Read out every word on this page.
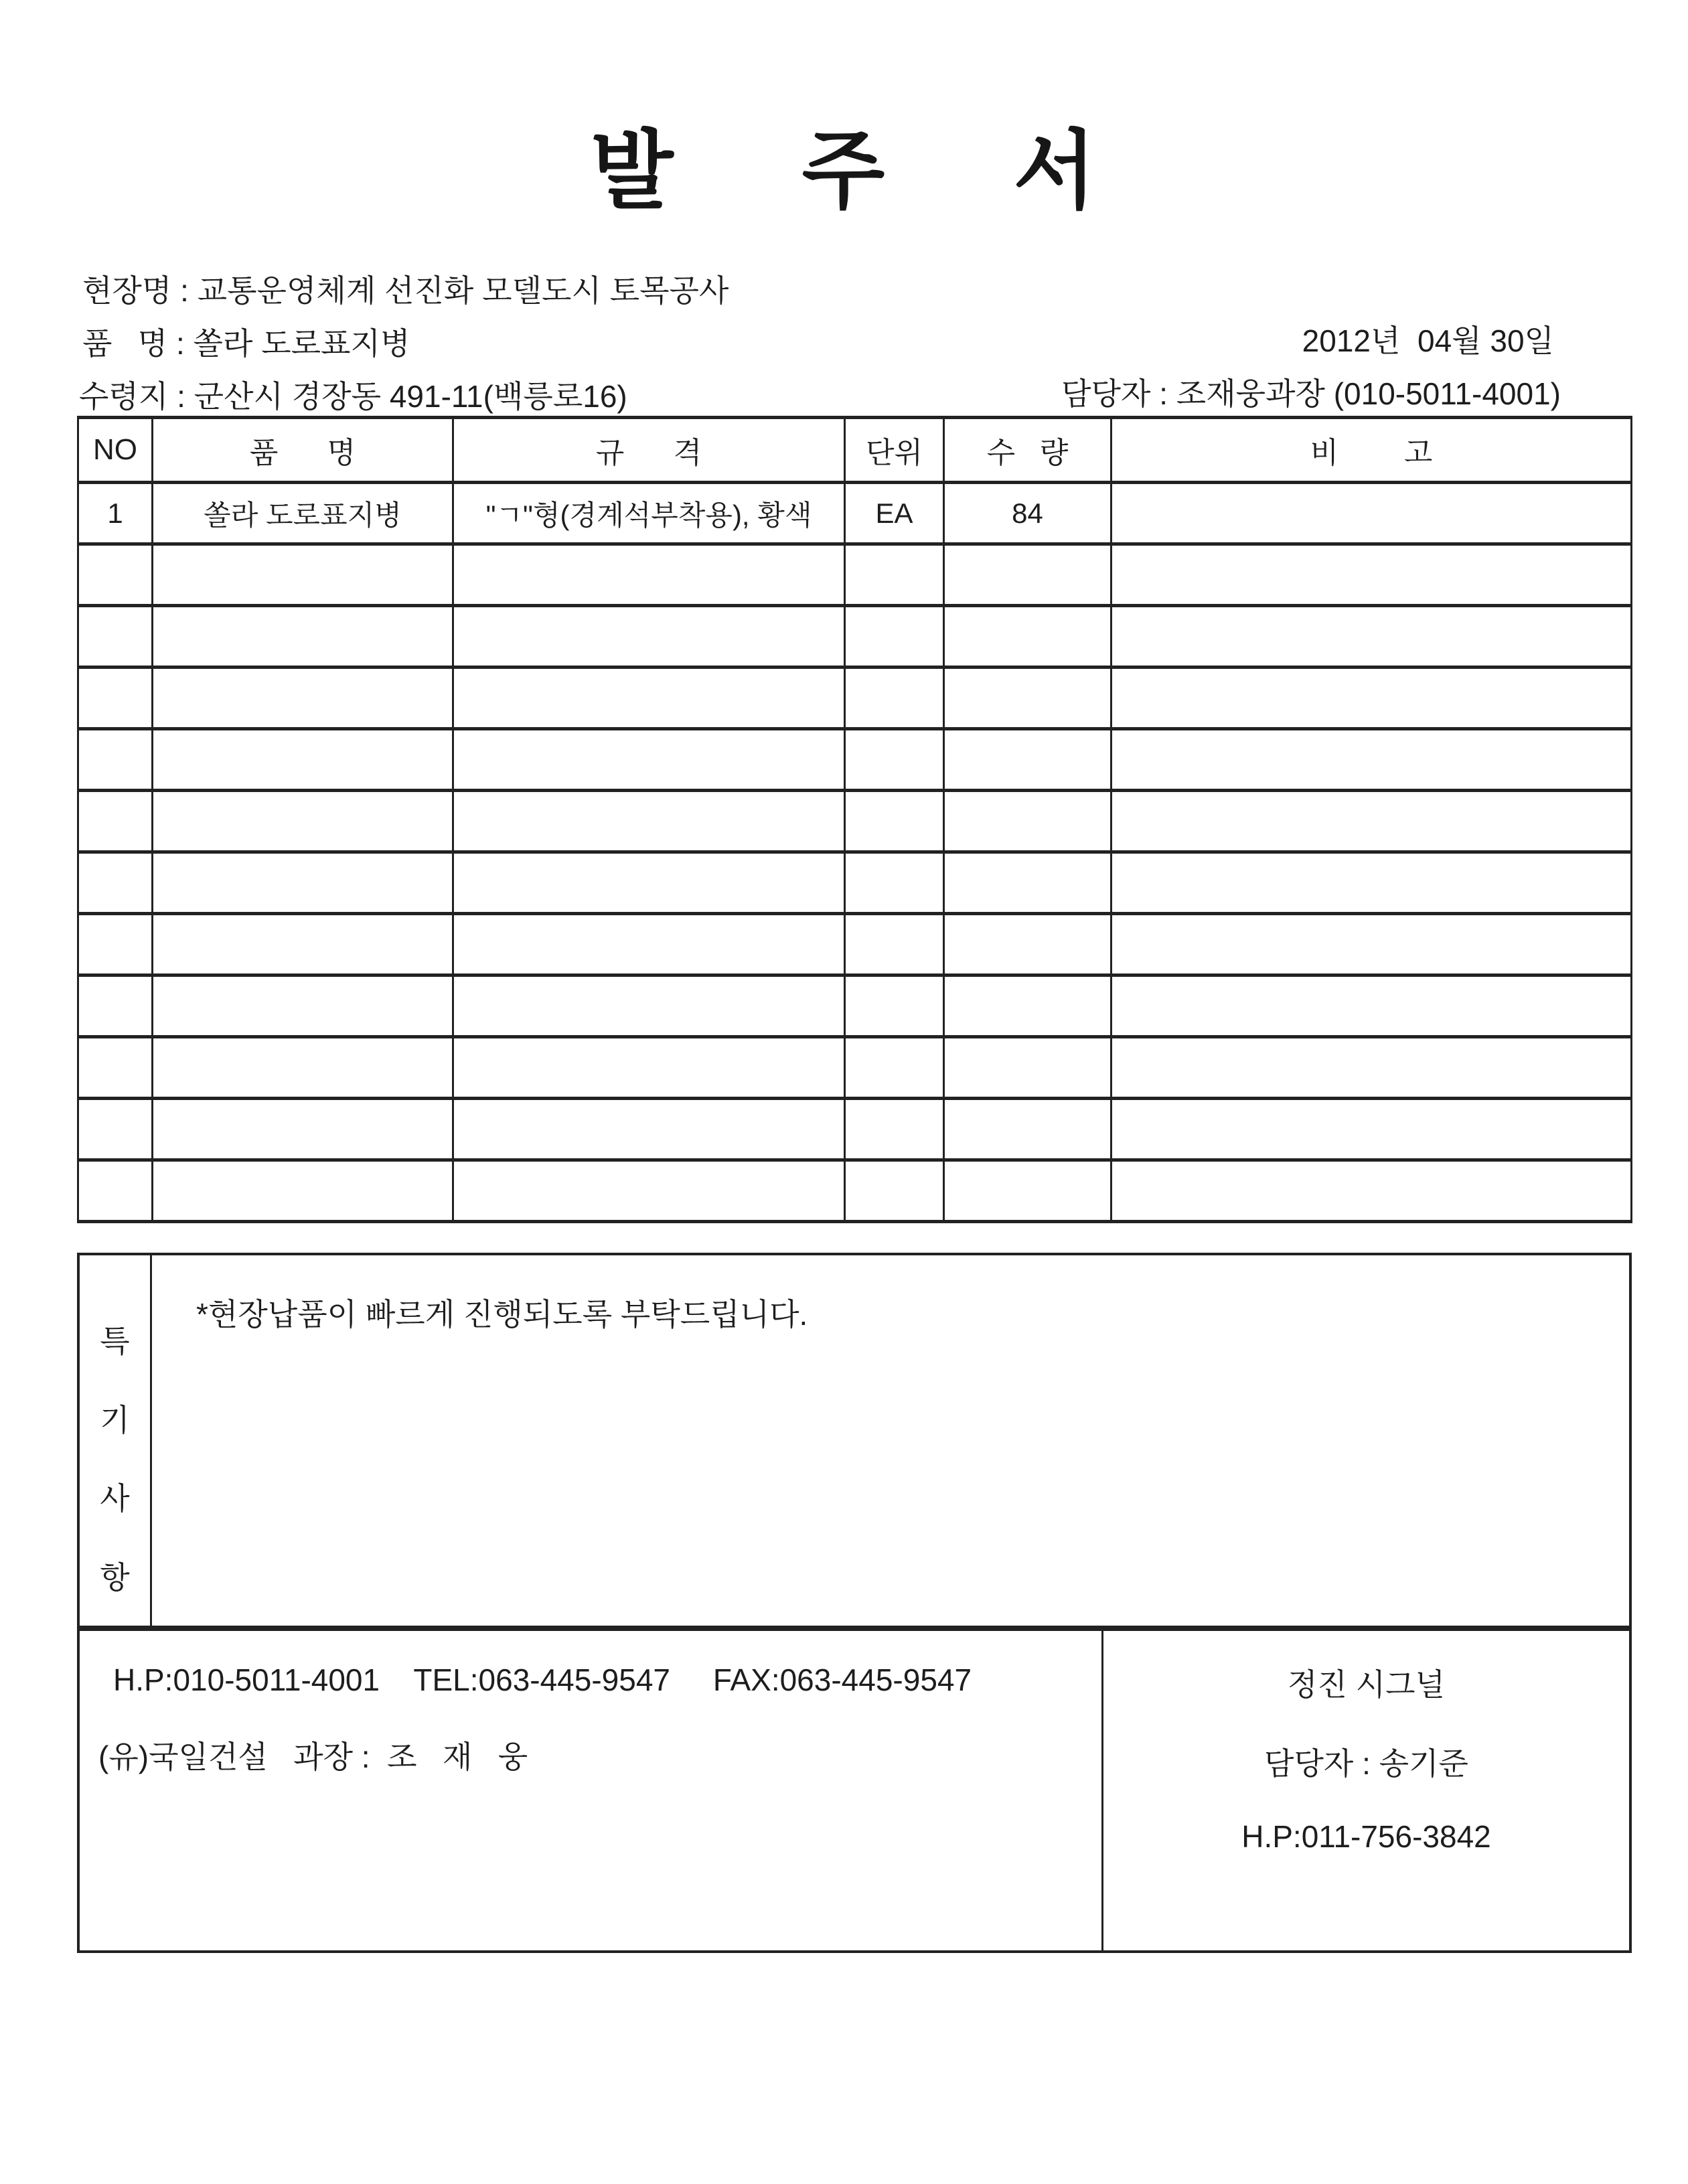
발 주 서
현장명 : 교통운영체계 선진화 모델도시 토목공사
품   명 : 쏠라 도로표지병
수령지 : 군산시 경장동 491-11(백릉로16)
2012년  04월 30일
담당자 : 조재웅과장 (010-5011-4001)
NO	품      명	규      격	단위	수   량	비        고
1	쏠라 도로표지병	"ㄱ"형(경계석부착용), 황색	EA	84	

특
기
사
항
*현장납품이 빠르게 진행되도록 부탁드립니다.
H.P:010-5011-4001    TEL:063-445-9547     FAX:063-445-9547
(유)국일건설   과장 :  조   재   웅
정진 시그널
담당자 : 송기준
H.P:011-756-3842
